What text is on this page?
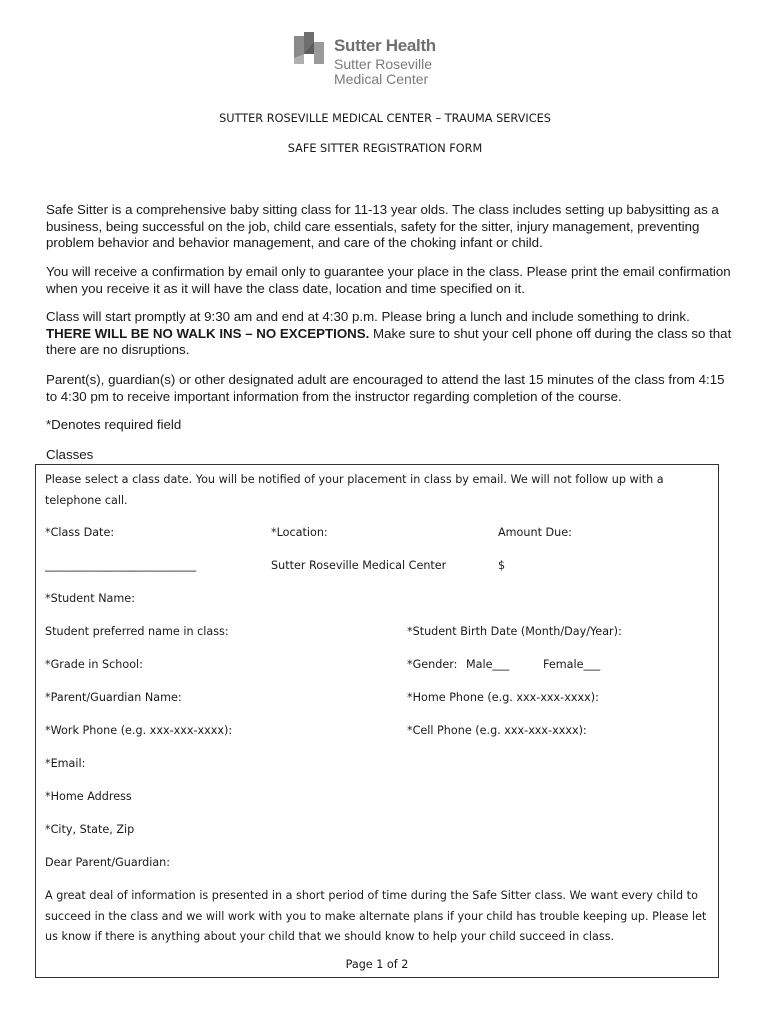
Sutter Health
Sutter Roseville
Medical Center
SUTTER ROSEVILLE MEDICAL CENTER – TRAUMA SERVICES
SAFE SITTER REGISTRATION FORM
Safe Sitter is a comprehensive baby sitting class for 11-13 year olds. The class includes setting up babysitting as a business, being successful on the job, child care essentials, safety for the sitter, injury management, preventing problem behavior and behavior management, and care of the choking infant or child.
You will receive a confirmation by email only to guarantee your place in the class. Please print the email confirmation when you receive it as it will have the class date, location and time specified on it.
Class will start promptly at 9:30 am and end at 4:30 p.m. Please bring a lunch and include something to drink. THERE WILL BE NO WALK INS – NO EXCEPTIONS. Make sure to shut your cell phone off during the class so that there are no disruptions.
Parent(s), guardian(s) or other designated adult are encouraged to attend the last 15 minutes of the class from 4:15 to 4:30 pm to receive important information from the instructor regarding completion of the course.
*Denotes required field
Classes
Please select a class date. You will be notified of your placement in class by email. We will not follow up with a telephone call.
*Class Date:	*Location:	Amount Due:
___________________________	Sutter Roseville Medical Center	$
*Student Name:
Student preferred name in class:	*Student Birth Date (Month/Day/Year):
*Grade in School:	*Gender: Male___	Female___
*Parent/Guardian Name:	*Home Phone (e.g. xxx-xxx-xxxx):
*Work Phone (e.g. xxx-xxx-xxxx):	*Cell Phone (e.g. xxx-xxx-xxxx):
*Email:
*Home Address
*City, State, Zip
Dear Parent/Guardian:
A great deal of information is presented in a short period of time during the Safe Sitter class. We want every child to succeed in the class and we will work with you to make alternate plans if your child has trouble keeping up. Please let us know if there is anything about your child that we should know to help your child succeed in class.
Page 1 of 2
